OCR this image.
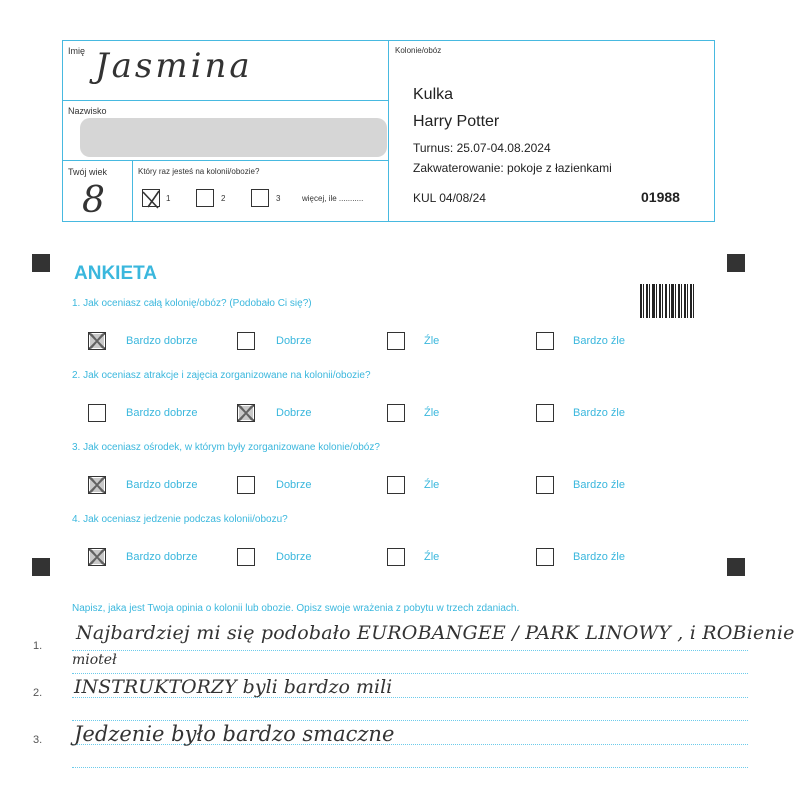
Imię Jasmina
Nazwisko
Twój wiek
8
Który raz jesteś na kolonii/obozie?
1	2	3	więcej, ile ...........
Kolonie/obóz
Kulka
Harry Potter
Turnus: 25.07-04.08.2024
Zakwaterowanie: pokoje z łazienkami
KUL 04/08/24	01988
ANKIETA
1. Jak oceniasz całą kolonię/obóz? (Podobało Ci się?)
Bardzo dobrze	Dobrze	Źle	Bardzo źle
2. Jak oceniasz atrakcje i zajęcia zorganizowane na kolonii/obozie?
Bardzo dobrze	Dobrze	Źle	Bardzo źle
3. Jak oceniasz ośrodek, w którym były zorganizowane kolonie/obóz?
Bardzo dobrze	Dobrze	Źle	Bardzo źle
4. Jak oceniasz jedzenie podczas kolonii/obozu?
Bardzo dobrze	Dobrze	Źle	Bardzo źle
Napisz, jaka jest Twoja opinia o kolonii lub obozie. Opisz swoje wrażenia z pobytu w trzech zdaniach.
1.
2.
3.
Najbardziej mi się podobało EUROBANGEE / PARK LINOWY , i ROBienie
mioteł
INSTRUKTORZY byli bardzo mili
Jedzenie było bardzo smaczne
